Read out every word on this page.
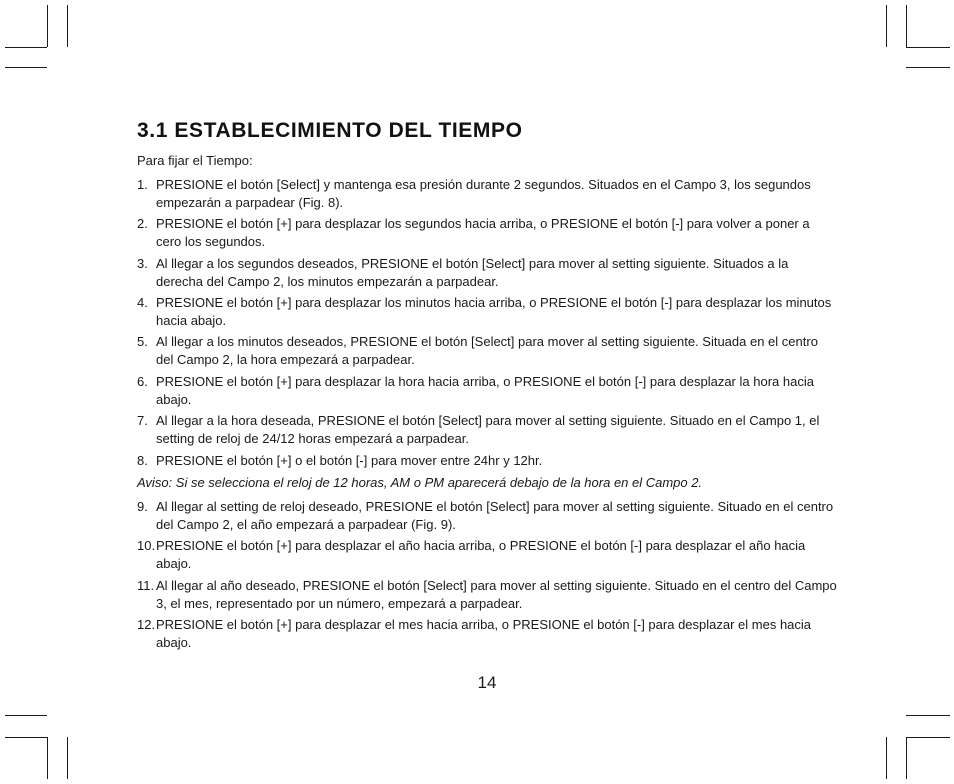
3.1 ESTABLECIMIENTO DEL TIEMPO
Para fijar el Tiempo:
1. PRESIONE el botón [Select] y mantenga esa presión durante 2 segundos. Situados en el Campo 3, los segundos empezarán a parpadear (Fig. 8).
2. PRESIONE el botón [+] para desplazar los segundos hacia arriba, o PRESIONE el botón [-] para volver a poner a cero los segundos.
3. Al llegar a los segundos deseados, PRESIONE el botón [Select] para mover al setting siguiente. Situados a la derecha del Campo 2, los minutos empezarán a parpadear.
4. PRESIONE el botón [+] para desplazar los minutos hacia arriba, o PRESIONE el botón [-] para desplazar los minutos hacia abajo.
5. Al llegar a los minutos deseados, PRESIONE el botón [Select] para mover al setting siguiente. Situada en el centro del Campo 2, la hora empezará a parpadear.
6. PRESIONE el botón [+] para desplazar la hora hacia arriba, o PRESIONE el botón [-] para desplazar la hora hacia abajo.
7. Al llegar a la hora deseada, PRESIONE el botón [Select] para mover al setting siguiente. Situado en el Campo 1, el setting de reloj de 24/12 horas empezará a parpadear.
8. PRESIONE el botón [+] o el botón [-] para mover entre 24hr y 12hr.
Aviso: Si se selecciona el reloj de 12 horas, AM o PM aparecerá debajo de la hora en el Campo 2.
9. Al llegar al setting de reloj deseado, PRESIONE el botón [Select] para mover al setting siguiente. Situado en el centro del Campo 2, el año empezará a parpadear (Fig. 9).
10. PRESIONE el botón [+] para desplazar el año hacia arriba, o PRESIONE el botón [-] para desplazar el año hacia abajo.
11. Al llegar al año deseado, PRESIONE el botón [Select] para mover al setting siguiente. Situado en el centro del Campo 3, el mes, representado por un número, empezará a parpadear.
12. PRESIONE el botón [+] para desplazar el mes hacia arriba, o PRESIONE el botón [-] para desplazar el mes hacia abajo.
14
